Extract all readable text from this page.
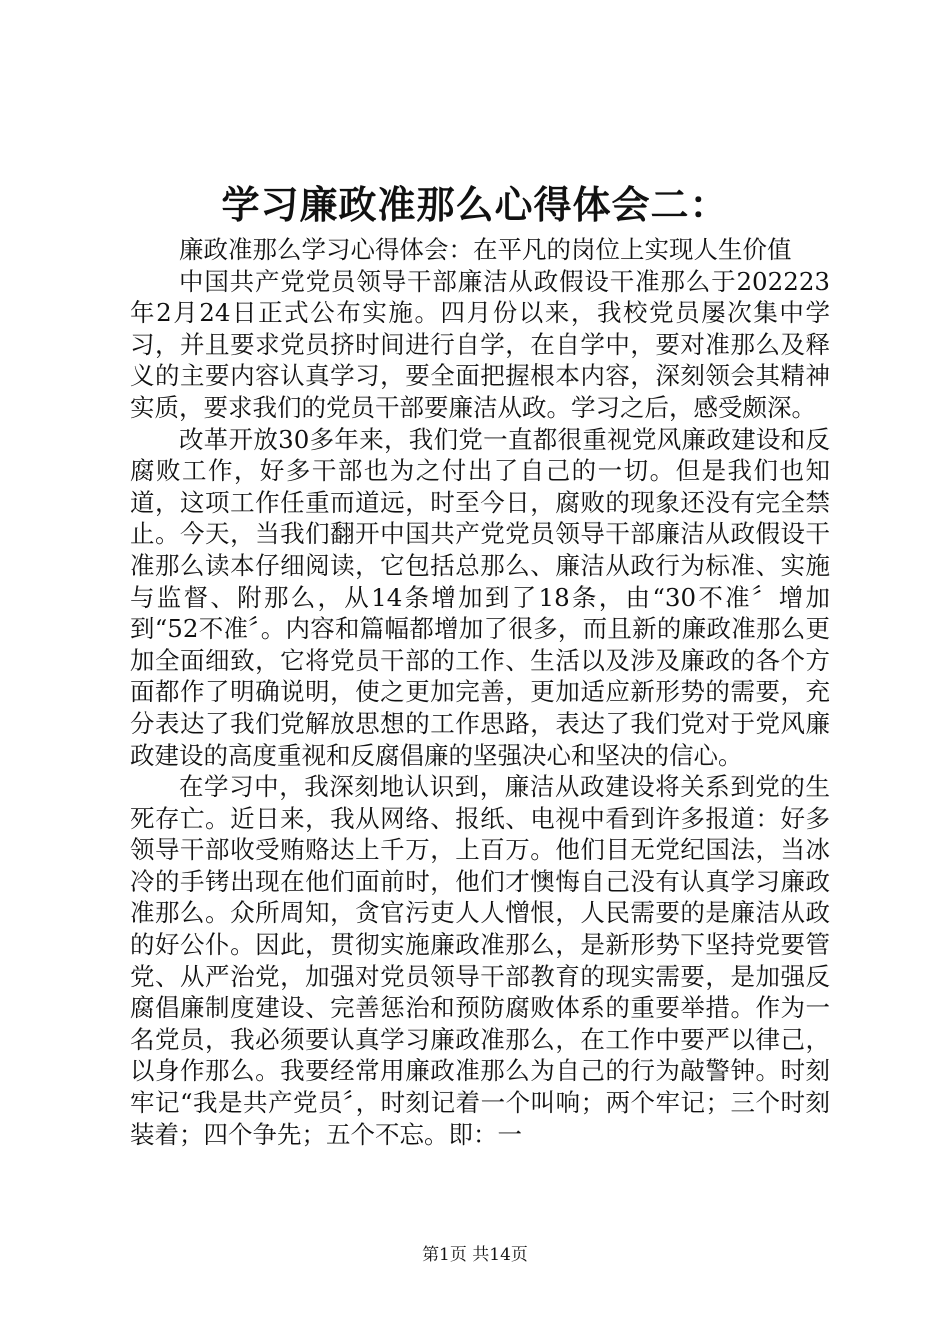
学习廉政准那么心得体会二：

廉政准那么学习心得体会：在平凡的岗位上实现人生价值

中国共产党党员领导干部廉洁从政假设干准那么于202223年2月24日正式公布实施。四月份以来，我校党员屡次集中学习，并且要求党员挤时间进行自学，在自学中，要对准那么及释义的主要内容认真学习，要全面把握根本内容，深刻领会其精神实质，要求我们的党员干部要廉洁从政。学习之后，感受颇深。

改革开放30多年来，我们党一直都很重视党风廉政建设和反腐败工作，好多干部也为之付出了自己的一切。但是我们也知道，这项工作任重而道远，时至今日，腐败的现象还没有完全禁止。今天，当我们翻开中国共产党党员领导干部廉洁从政假设干准那么读本仔细阅读，它包括总那么、廉洁从政行为标准、实施与监督、附那么，从14条增加到了18条，由“30不准〞增加到“52不准〞。内容和篇幅都增加了很多，而且新的廉政准那么更加全面细致，它将党员干部的工作、生活以及涉及廉政的各个方面都作了明确说明，使之更加完善，更加适应新形势的需要，充分表达了我们党解放思想的工作思路，表达了我们党对于党风廉政建设的高度重视和反腐倡廉的坚强决心和坚决的信心。

在学习中，我深刻地认识到，廉洁从政建设将关系到党的生死存亡。近日来，我从网络、报纸、电视中看到许多报道：好多领导干部收受贿赂达上千万，上百万。他们目无党纪国法，当冰冷的手铐出现在他们面前时，他们才懊悔自己没有认真学习廉政准那么。众所周知，贪官污吏人人憎恨，人民需要的是廉洁从政的好公仆。因此，贯彻实施廉政准那么，是新形势下坚持党要管党、从严治党，加强对党员领导干部教育的现实需要，是加强反腐倡廉制度建设、完善惩治和预防腐败体系的重要举措。作为一名党员，我必须要认真学习廉政准那么，在工作中要严以律己，以身作那么。我要经常用廉政准那么为自己的行为敲警钟。时刻牢记“我是共产党员〞，时刻记着一个叫响；两个牢记；三个时刻装着；四个争先；五个不忘。即：一

第1页 共14页
